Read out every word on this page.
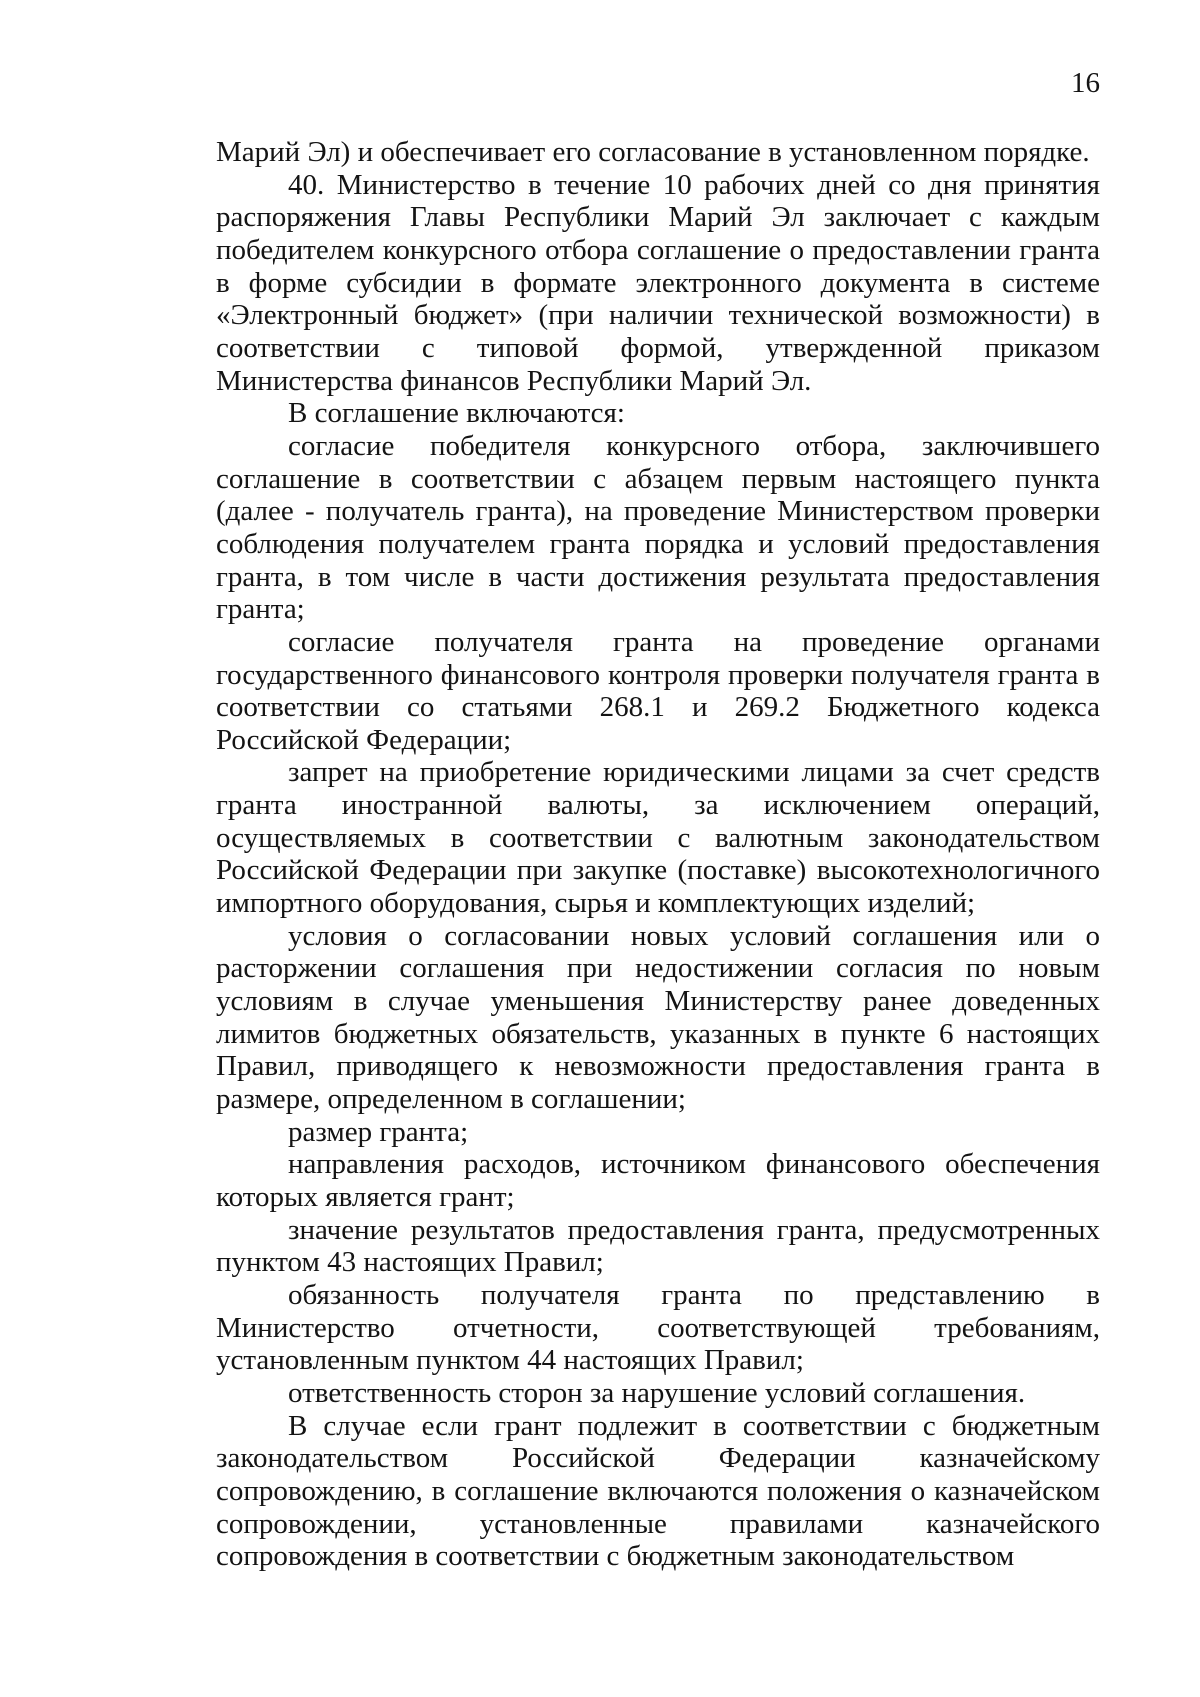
16

Марий Эл) и обеспечивает его согласование в установленном порядке.

40. Министерство в течение 10 рабочих дней со дня принятия распоряжения Главы Республики Марий Эл заключает с каждым победителем конкурсного отбора соглашение о предоставлении гранта в форме субсидии в формате электронного документа в системе «Электронный бюджет» (при наличии технической возможности) в соответствии с типовой формой, утвержденной приказом Министерства финансов Республики Марий Эл.

В соглашение включаются:

согласие победителя конкурсного отбора, заключившего соглашение в соответствии с абзацем первым настоящего пункта (далее - получатель гранта), на проведение Министерством проверки соблюдения получателем гранта порядка и условий предоставления гранта, в том числе в части достижения результата предоставления гранта;

согласие получателя гранта на проведение органами государственного финансового контроля проверки получателя гранта в соответствии со статьями 268.1 и 269.2 Бюджетного кодекса Российской Федерации;

запрет на приобретение юридическими лицами за счет средств гранта иностранной валюты, за исключением операций, осуществляемых в соответствии с валютным законодательством Российской Федерации при закупке (поставке) высокотехнологичного импортного оборудования, сырья и комплектующих изделий;

условия о согласовании новых условий соглашения или о расторжении соглашения при недостижении согласия по новым условиям в случае уменьшения Министерству ранее доведенных лимитов бюджетных обязательств, указанных в пункте 6 настоящих Правил, приводящего к невозможности предоставления гранта в размере, определенном в соглашении;

размер гранта;

направления расходов, источником финансового обеспечения которых является грант;

значение результатов предоставления гранта, предусмотренных пунктом 43 настоящих Правил;

обязанность получателя гранта по представлению в Министерство отчетности, соответствующей требованиям, установленным пунктом 44 настоящих Правил;

ответственность сторон за нарушение условий соглашения.

В случае если грант подлежит в соответствии с бюджетным законодательством Российской Федерации казначейскому сопровождению, в соглашение включаются положения о казначейском сопровождении, установленные правилами казначейского сопровождения в соответствии с бюджетным законодательством
